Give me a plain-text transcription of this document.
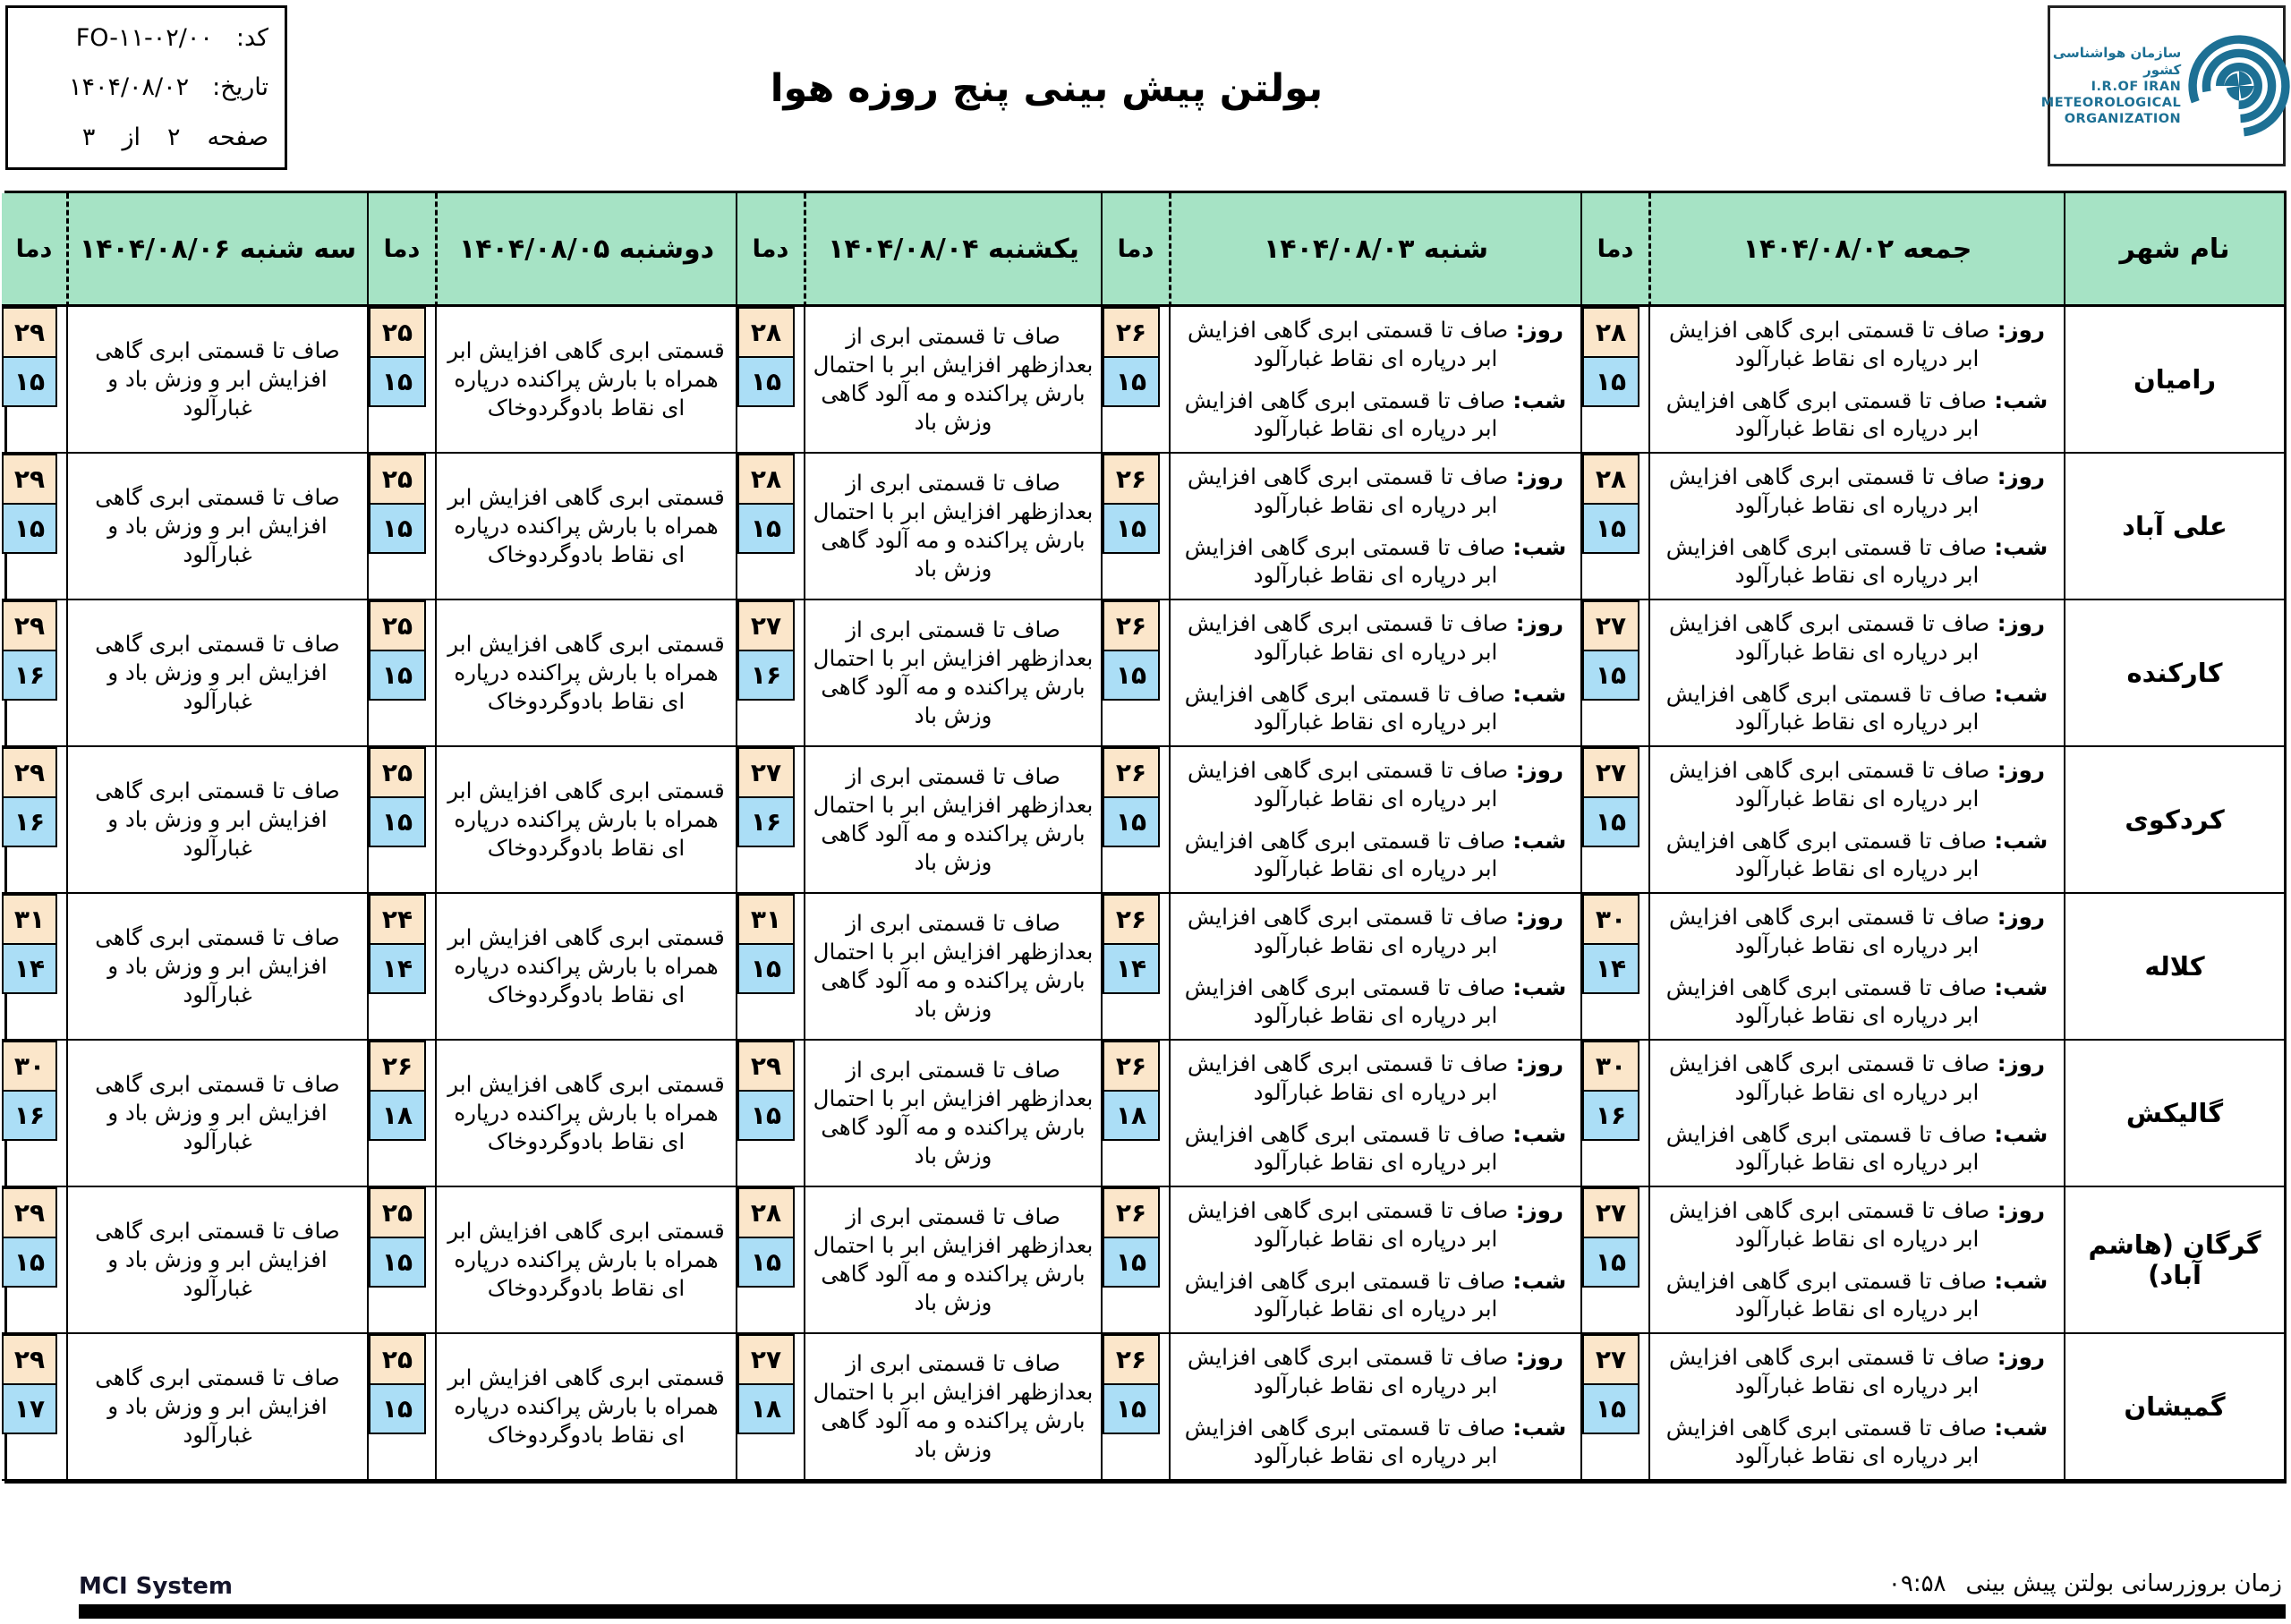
سازمان هواشناسی کشور
I.R.OF IRAN
METEOROLOGICAL
ORGANIZATION
بولتن پیش بینی پنج روزه هوا
کد:
FO-۱۱-۰۲/۰۰
تاریخ:
۱۴۰۴/۰۸/۰۲
صفحه
۲
از
۳
نام شهر
جمعه ۱۴۰۴/۰۸/۰۲
دما
شنبه ۱۴۰۴/۰۸/۰۳
دما
یکشنبه ۱۴۰۴/۰۸/۰۴
دما
دوشنبه ۱۴۰۴/۰۸/۰۵
دما
سه شنبه ۱۴۰۴/۰۸/۰۶
دما
رامیان
روز: صاف تا قسمتی ابری گاهی افزایش ابر درپاره ای نقاط غبارآلود
شب: صاف تا قسمتی ابری گاهی افزایش ابر درپاره ای نقاط غبارآلود
۲۸
۱۵
روز: صاف تا قسمتی ابری گاهی افزایش ابر درپاره ای نقاط غبارآلود
شب: صاف تا قسمتی ابری گاهی افزایش ابر درپاره ای نقاط غبارآلود
۲۶
۱۵
صاف تا قسمتی ابری از بعدازظهر افزایش ابر با احتمال بارش پراکنده و مه آلود گاهی وزش باد
۲۸
۱۵
قسمتی ابری گاهی افزایش ابر همراه با بارش پراکنده درپاره ای نقاط بادوگردوخاک
۲۵
۱۵
صاف تا قسمتی ابری گاهی افزایش ابر و وزش باد و غبارآلود
۲۹
۱۵
علی آباد
روز: صاف تا قسمتی ابری گاهی افزایش ابر درپاره ای نقاط غبارآلود
شب: صاف تا قسمتی ابری گاهی افزایش ابر درپاره ای نقاط غبارآلود
۲۸
۱۵
روز: صاف تا قسمتی ابری گاهی افزایش ابر درپاره ای نقاط غبارآلود
شب: صاف تا قسمتی ابری گاهی افزایش ابر درپاره ای نقاط غبارآلود
۲۶
۱۵
صاف تا قسمتی ابری از بعدازظهر افزایش ابر با احتمال بارش پراکنده و مه آلود گاهی وزش باد
۲۸
۱۵
قسمتی ابری گاهی افزایش ابر همراه با بارش پراکنده درپاره ای نقاط بادوگردوخاک
۲۵
۱۵
صاف تا قسمتی ابری گاهی افزایش ابر و وزش باد و غبارآلود
۲۹
۱۵
کارکنده
روز: صاف تا قسمتی ابری گاهی افزایش ابر درپاره ای نقاط غبارآلود
شب: صاف تا قسمتی ابری گاهی افزایش ابر درپاره ای نقاط غبارآلود
۲۷
۱۵
روز: صاف تا قسمتی ابری گاهی افزایش ابر درپاره ای نقاط غبارآلود
شب: صاف تا قسمتی ابری گاهی افزایش ابر درپاره ای نقاط غبارآلود
۲۶
۱۵
صاف تا قسمتی ابری از بعدازظهر افزایش ابر با احتمال بارش پراکنده و مه آلود گاهی وزش باد
۲۷
۱۶
قسمتی ابری گاهی افزایش ابر همراه با بارش پراکنده درپاره ای نقاط بادوگردوخاک
۲۵
۱۵
صاف تا قسمتی ابری گاهی افزایش ابر و وزش باد و غبارآلود
۲۹
۱۶
کردکوی
روز: صاف تا قسمتی ابری گاهی افزایش ابر درپاره ای نقاط غبارآلود
شب: صاف تا قسمتی ابری گاهی افزایش ابر درپاره ای نقاط غبارآلود
۲۷
۱۵
روز: صاف تا قسمتی ابری گاهی افزایش ابر درپاره ای نقاط غبارآلود
شب: صاف تا قسمتی ابری گاهی افزایش ابر درپاره ای نقاط غبارآلود
۲۶
۱۵
صاف تا قسمتی ابری از بعدازظهر افزایش ابر با احتمال بارش پراکنده و مه آلود گاهی وزش باد
۲۷
۱۶
قسمتی ابری گاهی افزایش ابر همراه با بارش پراکنده درپاره ای نقاط بادوگردوخاک
۲۵
۱۵
صاف تا قسمتی ابری گاهی افزایش ابر و وزش باد و غبارآلود
۲۹
۱۶
کلاله
روز: صاف تا قسمتی ابری گاهی افزایش ابر درپاره ای نقاط غبارآلود
شب: صاف تا قسمتی ابری گاهی افزایش ابر درپاره ای نقاط غبارآلود
۳۰
۱۴
روز: صاف تا قسمتی ابری گاهی افزایش ابر درپاره ای نقاط غبارآلود
شب: صاف تا قسمتی ابری گاهی افزایش ابر درپاره ای نقاط غبارآلود
۲۶
۱۴
صاف تا قسمتی ابری از بعدازظهر افزایش ابر با احتمال بارش پراکنده و مه آلود گاهی وزش باد
۳۱
۱۵
قسمتی ابری گاهی افزایش ابر همراه با بارش پراکنده درپاره ای نقاط بادوگردوخاک
۲۴
۱۴
صاف تا قسمتی ابری گاهی افزایش ابر و وزش باد و غبارآلود
۳۱
۱۴
گالیکش
روز: صاف تا قسمتی ابری گاهی افزایش ابر درپاره ای نقاط غبارآلود
شب: صاف تا قسمتی ابری گاهی افزایش ابر درپاره ای نقاط غبارآلود
۳۰
۱۶
روز: صاف تا قسمتی ابری گاهی افزایش ابر درپاره ای نقاط غبارآلود
شب: صاف تا قسمتی ابری گاهی افزایش ابر درپاره ای نقاط غبارآلود
۲۶
۱۸
صاف تا قسمتی ابری از بعدازظهر افزایش ابر با احتمال بارش پراکنده و مه آلود گاهی وزش باد
۲۹
۱۵
قسمتی ابری گاهی افزایش ابر همراه با بارش پراکنده درپاره ای نقاط بادوگردوخاک
۲۶
۱۸
صاف تا قسمتی ابری گاهی افزایش ابر و وزش باد و غبارآلود
۳۰
۱۶
گرگان (هاشم آباد)
روز: صاف تا قسمتی ابری گاهی افزایش ابر درپاره ای نقاط غبارآلود
شب: صاف تا قسمتی ابری گاهی افزایش ابر درپاره ای نقاط غبارآلود
۲۷
۱۵
روز: صاف تا قسمتی ابری گاهی افزایش ابر درپاره ای نقاط غبارآلود
شب: صاف تا قسمتی ابری گاهی افزایش ابر درپاره ای نقاط غبارآلود
۲۶
۱۵
صاف تا قسمتی ابری از بعدازظهر افزایش ابر با احتمال بارش پراکنده و مه آلود گاهی وزش باد
۲۸
۱۵
قسمتی ابری گاهی افزایش ابر همراه با بارش پراکنده درپاره ای نقاط بادوگردوخاک
۲۵
۱۵
صاف تا قسمتی ابری گاهی افزایش ابر و وزش باد و غبارآلود
۲۹
۱۵
گمیشان
روز: صاف تا قسمتی ابری گاهی افزایش ابر درپاره ای نقاط غبارآلود
شب: صاف تا قسمتی ابری گاهی افزایش ابر درپاره ای نقاط غبارآلود
۲۷
۱۵
روز: صاف تا قسمتی ابری گاهی افزایش ابر درپاره ای نقاط غبارآلود
شب: صاف تا قسمتی ابری گاهی افزایش ابر درپاره ای نقاط غبارآلود
۲۶
۱۵
صاف تا قسمتی ابری از بعدازظهر افزایش ابر با احتمال بارش پراکنده و مه آلود گاهی وزش باد
۲۷
۱۸
قسمتی ابری گاهی افزایش ابر همراه با بارش پراکنده درپاره ای نقاط بادوگردوخاک
۲۵
۱۵
صاف تا قسمتی ابری گاهی افزایش ابر و وزش باد و غبارآلود
۲۹
۱۷
MCI System	زمان بروزرسانی بولتن پیش بینی
۰۹:۵۸
